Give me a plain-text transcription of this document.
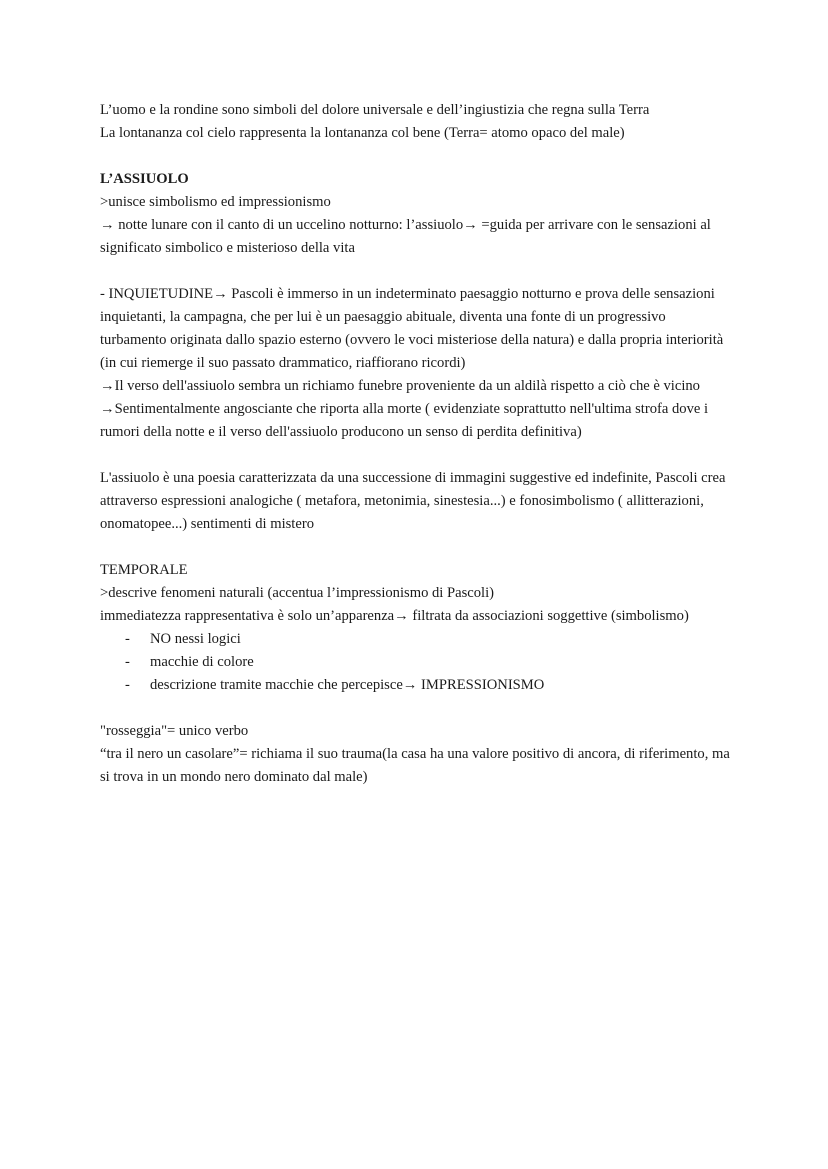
L’uomo e la rondine sono simboli del dolore universale e dell’ingiustizia che regna sulla Terra
La lontananza col cielo rappresenta la lontananza col bene (Terra= atomo opaco del male)
L’ASSIUOLO
>unisce simbolismo ed impressionismo
→ notte lunare con il canto di un uccelino notturno: l’assiuolo→ =guida per arrivare con le sensazioni al
significato simbolico e misterioso della vita
- INQUIETUDINE→ Pascoli è immerso in un indeterminato paesaggio notturno e prova delle sensazioni
inquietanti, la campagna, che per lui è un paesaggio abituale, diventa una fonte di un progressivo
turbamento originata dallo spazio esterno (ovvero le voci misteriose della natura) e dalla propria interiorità
(in cui riemerge il suo passato drammatico, riaffiorano ricordi)
→Il verso dell'assiuolo sembra un richiamo funebre proveniente da un aldilà rispetto a ciò che è vicino
→Sentimentalmente angosciante che riporta alla morte ( evidenziate soprattutto nell'ultima strofa dove i
rumori della notte e il verso dell'assiuolo producono un senso di perdita definitiva)
L'assiuolo è una poesia caratterizzata da una successione di immagini suggestive ed indefinite, Pascoli crea
attraverso espressioni analogiche ( metafora, metonimia, sinestesia...) e fonosimbolismo ( allitterazioni,
onomatopee...) sentimenti di mistero
TEMPORALE
>descrive fenomeni naturali (accentua l’impressionismo di Pascoli)
immediatezza rappresentativa è solo un’apparenza→ filtrata da associazioni soggettive (simbolismo)
- NO nessi logici
- macchie di colore
- descrizione tramite macchie che percepisce→ IMPRESSIONISMO
"rosseggia"= unico verbo
“tra il nero un casolare”= richiama il suo trauma(la casa ha una valore positivo di ancora, di riferimento, ma
si trova in un mondo nero dominato dal male)
